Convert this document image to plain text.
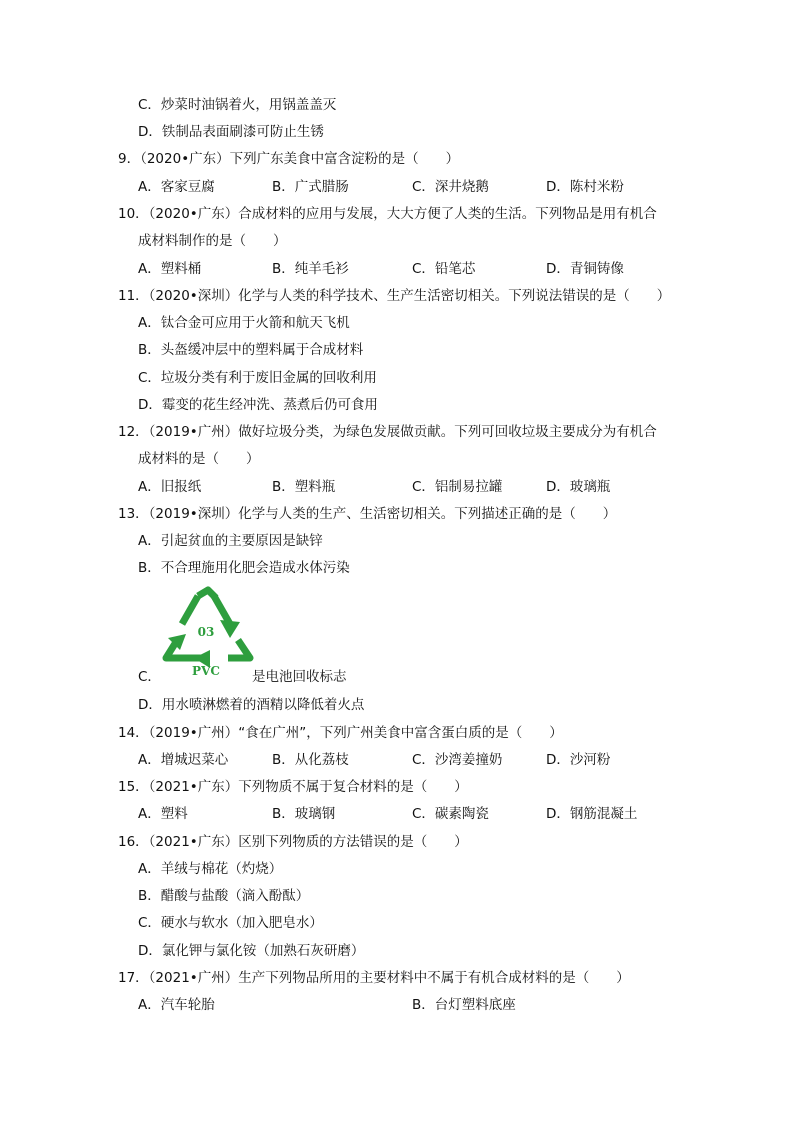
C．炒菜时油锅着火，用锅盖盖灭
D．铁制品表面刷漆可防止生锈
9．（2020•广东）下列广东美食中富含淀粉的是（　　）
A．客家豆腐	B．广式腊肠	C．深井烧鹅	D．陈村米粉
10．（2020•广东）合成材料的应用与发展，大大方便了人类的生活。下列物品是用有机合
成材料制作的是（　　）
A．塑料桶	B．纯羊毛衫	C．铅笔芯	D．青铜铸像
11．（2020•深圳）化学与人类的科学技术、生产生活密切相关。下列说法错误的是（　　）
A．钛合金可应用于火箭和航天飞机
B．头盔缓冲层中的塑料属于合成材料
C．垃圾分类有利于废旧金属的回收利用
D．霉变的花生经冲洗、蒸煮后仍可食用
12．（2019•广州）做好垃圾分类，为绿色发展做贡献。下列可回收垃圾主要成分为有机合
成材料的是（　　）
A．旧报纸	B．塑料瓶	C．铝制易拉罐	D．玻璃瓶
13．（2019•深圳）化学与人类的生产、生活密切相关。下列描述正确的是（　　）
A．引起贫血的主要原因是缺锌
B．不合理施用化肥会造成水体污染
03
PVC
C．	是电池回收标志
D．用水喷淋燃着的酒精以降低着火点
14．（2019•广州）“食在广州”，下列广州美食中富含蛋白质的是（　　）
A．增城迟菜心	B．从化荔枝	C．沙湾姜撞奶	D．沙河粉
15．（2021•广东）下列物质不属于复合材料的是（　　）
A．塑料	B．玻璃钢	C．碳素陶瓷	D．钢筋混凝土
16．（2021•广东）区别下列物质的方法错误的是（　　）
A．羊绒与棉花（灼烧）
B．醋酸与盐酸（滴入酚酞）
C．硬水与软水（加入肥皂水）
D．氯化钾与氯化铵（加熟石灰研磨）
17．（2021•广州）生产下列物品所用的主要材料中不属于有机合成材料的是（　　）
A．汽车轮胎	B．台灯塑料底座
